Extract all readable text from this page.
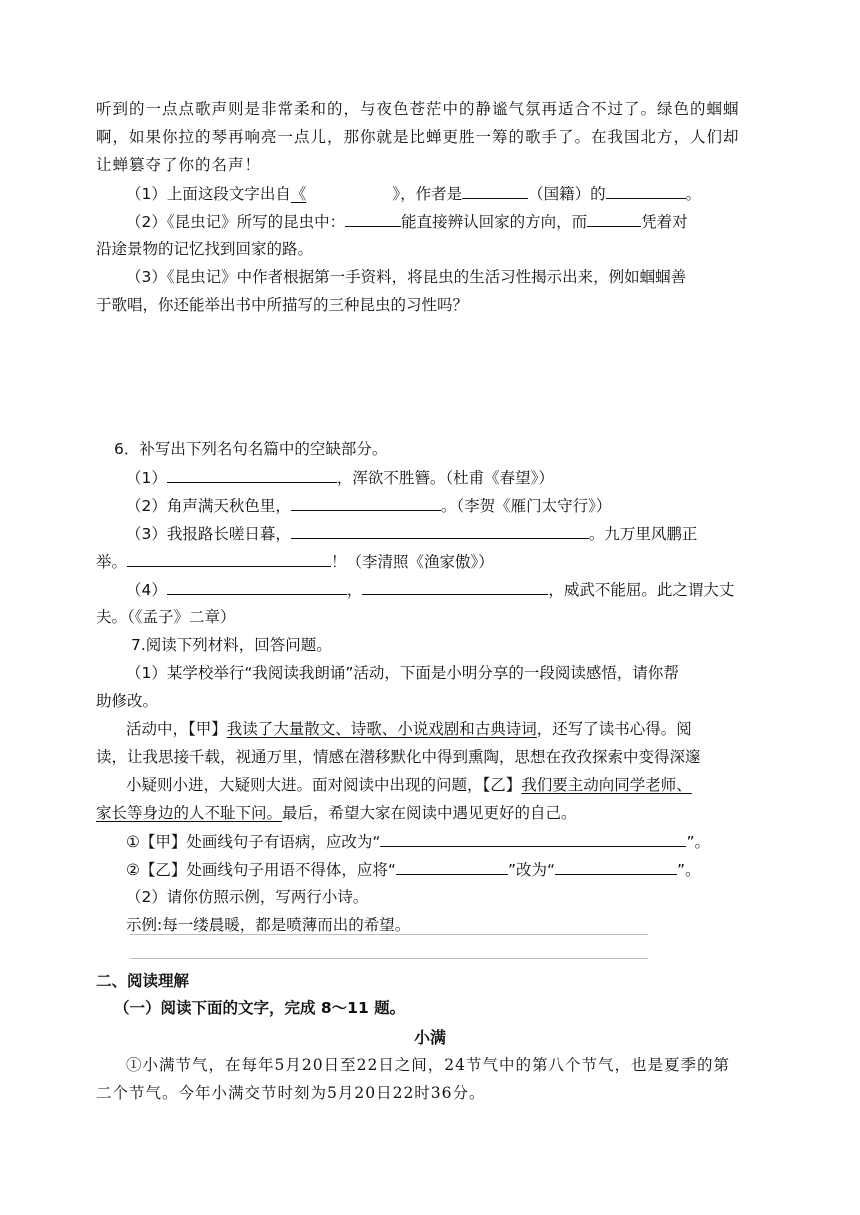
听到的一点点歌声则是非常柔和的，与夜色苍茫中的静谧气氛再适合不过了。绿色的蝈蝈
啊，如果你拉的琴再响亮一点儿，那你就是比蝉更胜一筹的歌手了。在我国北方，人们却
让蝉篡夺了你的名声！
（1）上面这段文字出自《	》，作者是	（国籍）的	。
（2）《昆虫记》所写的昆虫中：	能直接辨认回家的方向，而	凭着对
沿途景物的记忆找到回家的路。
（3）《昆虫记》中作者根据第一手资料，将昆虫的生活习性揭示出来，例如蝈蝈善
于歌唱，你还能举出书中所描写的三种昆虫的习性吗？
6．补写出下列名句名篇中的空缺部分。
（1）	，浑欲不胜簪。（杜甫《春望》）
（2）角声满天秋色里，	。（李贺《雁门太守行》）
（3）我报路长嗟日暮，	。九万里风鹏正
举。	！（李清照《渔家傲》）
（4）	，	，威武不能屈。此之谓大丈
夫。（《孟子》二章）
7.阅读下列材料，回答问题。
（1）某学校举行“我阅读我朗诵”活动，下面是小明分享的一段阅读感悟，请你帮
助修改。
活动中，【甲】我读了大量散文、诗歌、小说戏剧和古典诗词，还写了读书心得。阅
读，让我思接千载，视通万里，情感在潜移默化中得到熏陶，思想在孜孜探索中变得深邃
小疑则小进，大疑则大进。面对阅读中出现的问题，【乙】我们要主动向同学老师、
家长等身边的人不耻下问。最后，希望大家在阅读中遇见更好的自己。
①【甲】处画线句子有语病，应改为“	”。
②【乙】处画线句子用语不得体，应将“	”改为“	”。
（2）请你仿照示例，写两行小诗。
示例:每一缕晨暖，都是喷薄而出的希望。
二、阅读理解
（一）阅读下面的文字，完成 8～11 题。
小满
①小满节气，在每年5月20日至22日之间，24节气中的第八个节气，也是夏季的第
二个节气。今年小满交节时刻为5月20日22时36分。
